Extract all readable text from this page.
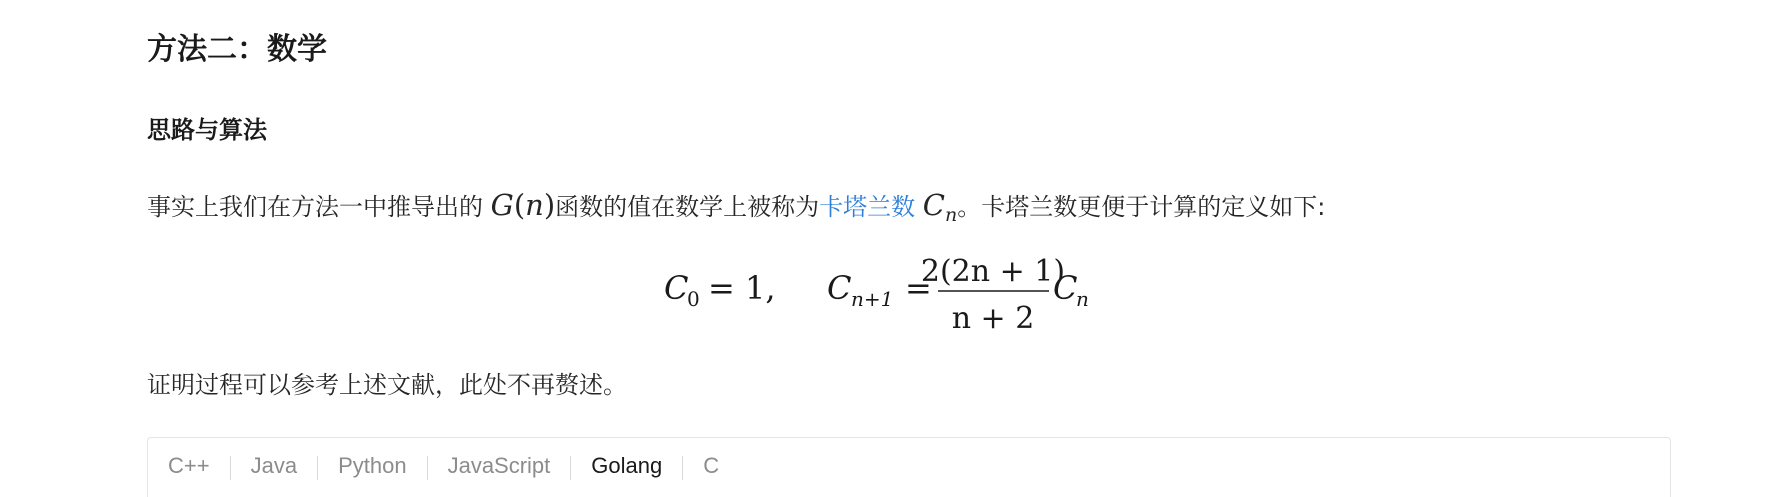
方法二：数学
思路与算法
事实上我们在方法一中推导出的 G(n)函数的值在数学上被称为卡塔兰数 $C_n$。卡塔兰数更便于计算的定义如下:
C
0 = 1, C n+1 =
2(2n + 1)
n + 2
C
n
证明过程可以参考上述文献，此处不再赘述。
C++ Java Python JavaScript Golang C
